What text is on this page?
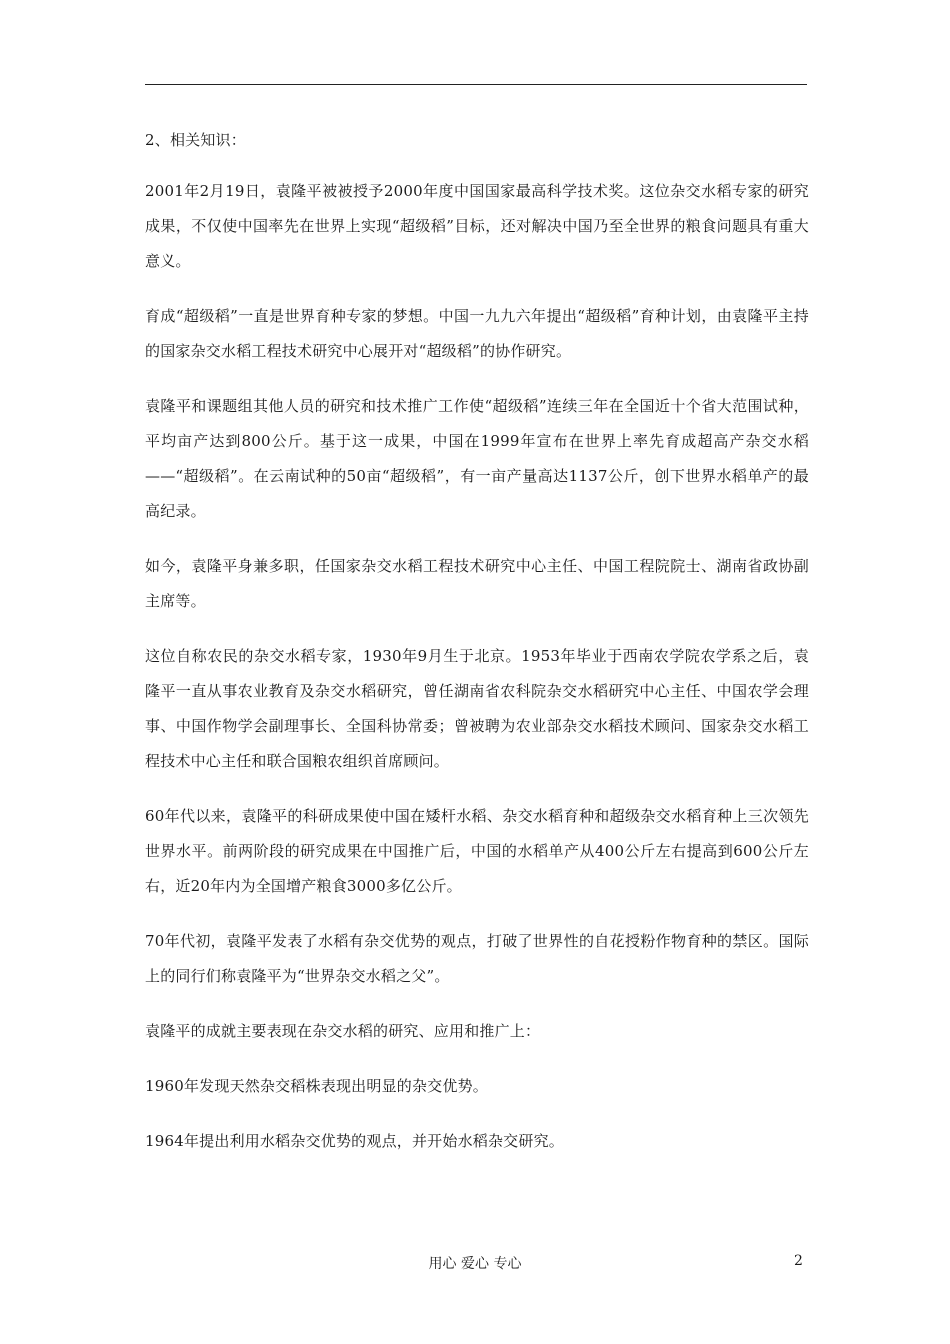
2、相关知识：

2001年2月19日，袁隆平被被授予2000年度中国国家最高科学技术奖。这位杂交水稻专家的研究成果，不仅使中国率先在世界上实现“超级稻”目标，还对解决中国乃至全世界的粮食问题具有重大意义。

育成“超级稻”一直是世界育种专家的梦想。中国一九九六年提出“超级稻”育种计划，由袁隆平主持的国家杂交水稻工程技术研究中心展开对“超级稻”的协作研究。

袁隆平和课题组其他人员的研究和技术推广工作使“超级稻”连续三年在全国近十个省大范围试种，平均亩产达到800公斤。基于这一成果，中国在1999年宣布在世界上率先育成超高产杂交水稻——“超级稻”。在云南试种的50亩“超级稻”，有一亩产量高达1137公斤，创下世界水稻单产的最高纪录。

如今，袁隆平身兼多职，任国家杂交水稻工程技术研究中心主任、中国工程院院士、湖南省政协副主席等。

这位自称农民的杂交水稻专家，1930年9月生于北京。1953年毕业于西南农学院农学系之后，袁隆平一直从事农业教育及杂交水稻研究，曾任湖南省农科院杂交水稻研究中心主任、中国农学会理事、中国作物学会副理事长、全国科协常委；曾被聘为农业部杂交水稻技术顾问、国家杂交水稻工程技术中心主任和联合国粮农组织首席顾问。

60年代以来，袁隆平的科研成果使中国在矮杆水稻、杂交水稻育种和超级杂交水稻育种上三次领先世界水平。前两阶段的研究成果在中国推广后，中国的水稻单产从400公斤左右提高到600公斤左右，近20年内为全国增产粮食3000多亿公斤。

70年代初，袁隆平发表了水稻有杂交优势的观点，打破了世界性的自花授粉作物育种的禁区。国际上的同行们称袁隆平为“世界杂交水稻之父”。

袁隆平的成就主要表现在杂交水稻的研究、应用和推广上：

1960年发现天然杂交稻株表现出明显的杂交优势。

1964年提出利用水稻杂交优势的观点，并开始水稻杂交研究。

用心 爱心 专心	2
